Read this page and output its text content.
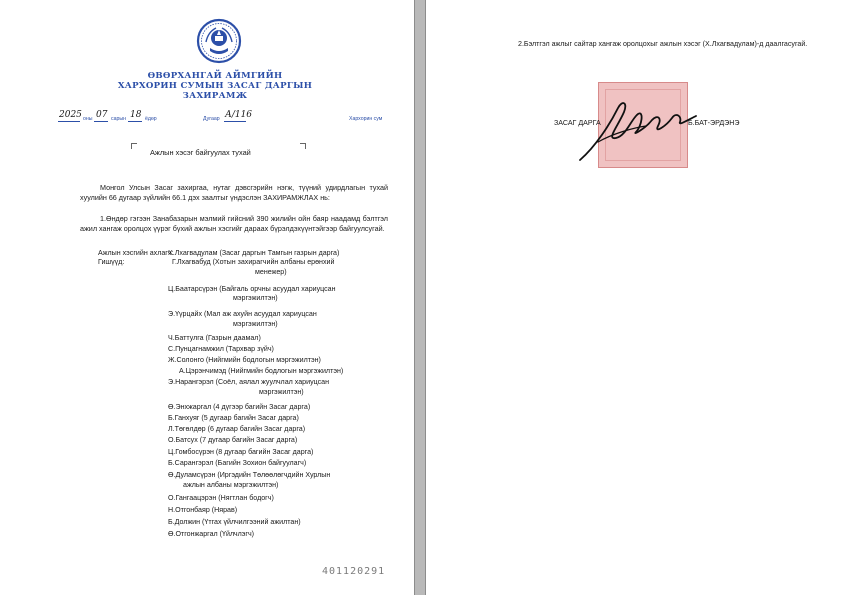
ӨВӨРХАНГАЙ АЙМГИЙН
ХАРХОРИН СУМЫН ЗАСАГ ДАРГЫН
ЗАХИРАМЖ
2025 оны 07 сарын 18 ёдөр	Дугаар А/116	Хархорин сум
Ажлын хэсэг байгуулах тухай
Монгол Улсын Засаг захиргаа, нутаг дэвсгэрийн нэгж, түүний удирдлагын тухай хуулийн 66 дугаар зүйлийн 66.1 дэх заалтыг үндэслэн ЗАХИРАМЖЛАХ нь:
1.Өндөр гэгээн Занабазарын мэлмий гийсний 390 жилийн ойн баяр наадамд бэлтгэл ажил хангаж оролцох үүрэг бүхий ажлын хэсгийг дараах бүрэлдэхүүнтэйгээр байгуулсугай.
Ажлын хэсгийн ахлагч:
Х.Лхагвадулам (Засаг даргын Тамгын газрын дарга)
Гишүүд:	Г.Лхагвабуд (Хотын захирагчийн албаны ерөнхий
менежер)
Ц.Баатарсүрэн (Байгаль орчны асуудал хариуцсан
мэргэжилтэн)
Э.Үүрцайх (Мал аж ахуйн асуудал хариуцсан
мэргэжилтэн)
Ч.Баттулга (Газрын даамал)
С.Пунцагнамжил (Тархвар зүйч)
Ж.Солонго (Нийгмийн бодлогын мэргэжилтэн)
А.Цэрэнчимэд (Нийгмийн бодлогын мэргэжилтэн)
Э.Нарангэрэл (Соёл, аялал жуулчлал хариуцсан
мэргэжилтэн)
Ө.Энхжаргал (4 дүгээр багийн Засаг дарга)
Б.Ганхуяг (5 дугаар багийн Засаг дарга)
Л.Төгөлдөр (6 дугаар багийн Засаг дарга)
О.Батсух (7 дугаар багийн Засаг дарга)
Ц.Гомбосүрэн (8 дугаар багийн Засаг дарга)
Б.Сарангэрэл (Багийн Зохион байгуулагч)
Ө.Дуламсүрэн (Иргэдийн Төлөөлөгчдийн Хурлын
ажлын албаны мэргэжилтэн)
О.Гангаацэрэн (Нягтлан бодогч)
Н.Отгонбаяр (Нярав)
Б.Должин (Үтгах үйлчилгээний ажилтан)
Ө.Отгонжаргал (Үйлчлэгч)
401120291
2.Бэлтгэл ажлыг сайтар хангаж оролцохыг ажлын хэсэг (Х.Лхагвадулам)-д даалгасугай.
ЗАСАГ ДАРГА	Б.БАТ-ЭРДЭНЭ
